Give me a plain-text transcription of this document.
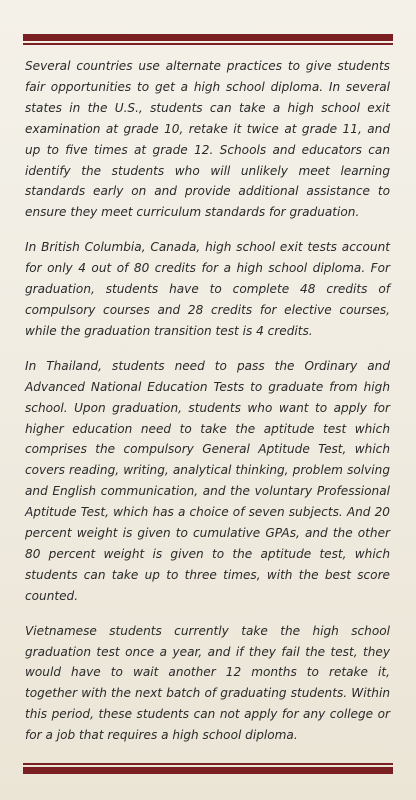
Several countries use alternate practices to give students fair opportunities to get a high school diploma. In several states in the U.S., students can take a high school exit examination at grade 10, retake it twice at grade 11, and up to five times at grade 12. Schools and educators can identify the students who will unlikely meet learning standards early on and provide additional assistance to ensure they meet curriculum standards for graduation.

In British Columbia, Canada, high school exit tests account for only 4 out of 80 credits for a high school diploma. For graduation, students have to complete 48 credits of compulsory courses and 28 credits for elective courses, while the graduation transition test is 4 credits.

In Thailand, students need to pass the Ordinary and Advanced National Education Tests to graduate from high school. Upon graduation, students who want to apply for higher education need to take the aptitude test which comprises the compulsory General Aptitude Test, which covers reading, writing, analytical thinking, problem solving and English communication, and the voluntary Professional Aptitude Test, which has a choice of seven subjects. And 20 percent weight is given to cumulative GPAs, and the other 80 percent weight is given to the aptitude test, which students can take up to three times, with the best score counted.

Vietnamese students currently take the high school graduation test once a year, and if they fail the test, they would have to wait another 12 months to retake it, together with the next batch of graduating students. Within this period, these students can not apply for any college or for a job that requires a high school diploma.
